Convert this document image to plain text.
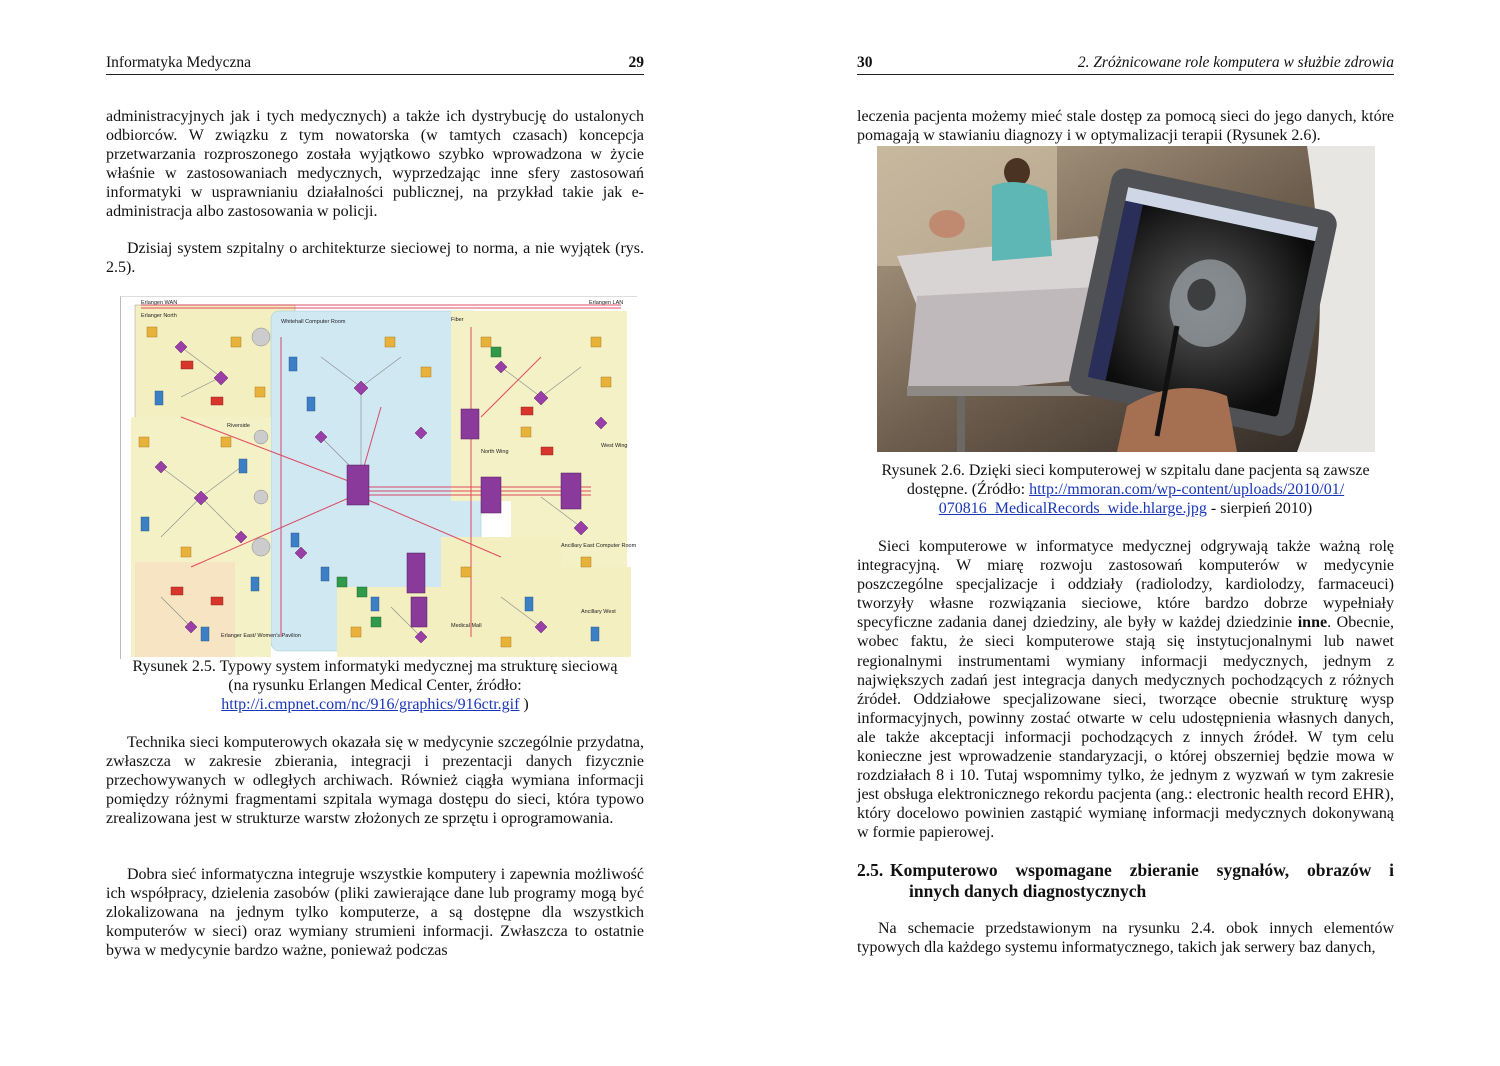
Informatyka Medyczna	29

administracyjnych jak i tych medycznych) a także ich dystrybucję do ustalonych odbiorców. W związku z tym nowatorska (w tamtych czasach) koncepcja przetwarzania rozproszonego została wyjątkowo szybko wprowadzona w życie właśnie w zastosowaniach medycznych, wyprzedzając inne sfery zastosowań informatyki w usprawnianiu działalności publicznej, na przykład takie jak e-administracja albo zastosowania w policji.

Dzisiaj system szpitalny o architekturze sieciowej to norma, a nie wyjątek (rys. 2.5).

Erlangen WAN	Erlangen LAN
Whitehall Computer Room
Erlanger North
Riverside
North Wing
West Wing
Ancillary East Computer Room
Ancillary West
Erlanger East/ Women's Pavilion
Medical Mall
Fiber

Rysunek 2.5. Typowy system informatyki medycznej ma strukturę sieciową
(na rysunku Erlangen Medical Center, źródło:
http://i.cmpnet.com/nc/916/graphics/916ctr.gif )

Technika sieci komputerowych okazała się w medycynie szczególnie przydatna, zwłaszcza w zakresie zbierania, integracji i prezentacji danych fizycznie przechowywanych w odległych archiwach. Również ciągła wymiana informacji pomiędzy różnymi fragmentami szpitala wymaga dostępu do sieci, która typowo zrealizowana jest w strukturze warstw złożonych ze sprzętu i oprogramowania.

Dobra sieć informatyczna integruje wszystkie komputery i zapewnia możliwość ich współpracy, dzielenia zasobów (pliki zawierające dane lub programy mogą być zlokalizowana na jednym tylko komputerze, a są dostępne dla wszystkich komputerów w sieci) oraz wymiany strumieni informacji. Zwłaszcza to ostatnie bywa w medycynie bardzo ważne, ponieważ podczas

30	2. Zróżnicowane role komputera w służbie zdrowia

leczenia pacjenta możemy mieć stale dostęp za pomocą sieci do jego danych, które pomagają w stawianiu diagnozy i w optymalizacji terapii (Rysunek 2.6).

Rysunek 2.6. Dzięki sieci komputerowej w szpitalu dane pacjenta są zawsze
dostępne. (Źródło: http://mmoran.com/wp-content/uploads/2010/01/
070816_MedicalRecords_wide.hlarge.jpg - sierpień 2010)

Sieci komputerowe w informatyce medycznej odgrywają także ważną rolę integracyjną. W miarę rozwoju zastosowań komputerów w medycynie poszczególne specjalizacje i oddziały (radiolodzy, kardiolodzy, farmaceuci) tworzyły własne rozwiązania sieciowe, które bardzo dobrze wypełniały specyficzne zadania danej dziedziny, ale były w każdej dziedzinie inne. Obecnie, wobec faktu, że sieci komputerowe stają się instytucjonalnymi lub nawet regionalnymi instrumentami wymiany informacji medycznych, jednym z największych zadań jest integracja danych medycznych pochodzących z różnych źródeł. Oddziałowe specjalizowane sieci, tworzące obecnie strukturę wysp informacyjnych, powinny zostać otwarte w celu udostępnienia własnych danych, ale także akceptacji informacji pochodzących z innych źródeł. W tym celu konieczne jest wprowadzenie standaryzacji, o której obszerniej będzie mowa w rozdziałach 8 i 10. Tutaj wspomnimy tylko, że jednym z wyzwań w tym zakresie jest obsługa elektronicznego rekordu pacjenta (ang.: electronic health record EHR), który docelowo powinien zastąpić wymianę informacji medycznych dokonywaną w formie papierowej.

2.5. Komputerowo wspomagane zbieranie sygnałów, obrazów i
innych danych diagnostycznych

Na schemacie przedstawionym na rysunku 2.4. obok innych elementów typowych dla każdego systemu informatycznego, takich jak serwery baz danych,
